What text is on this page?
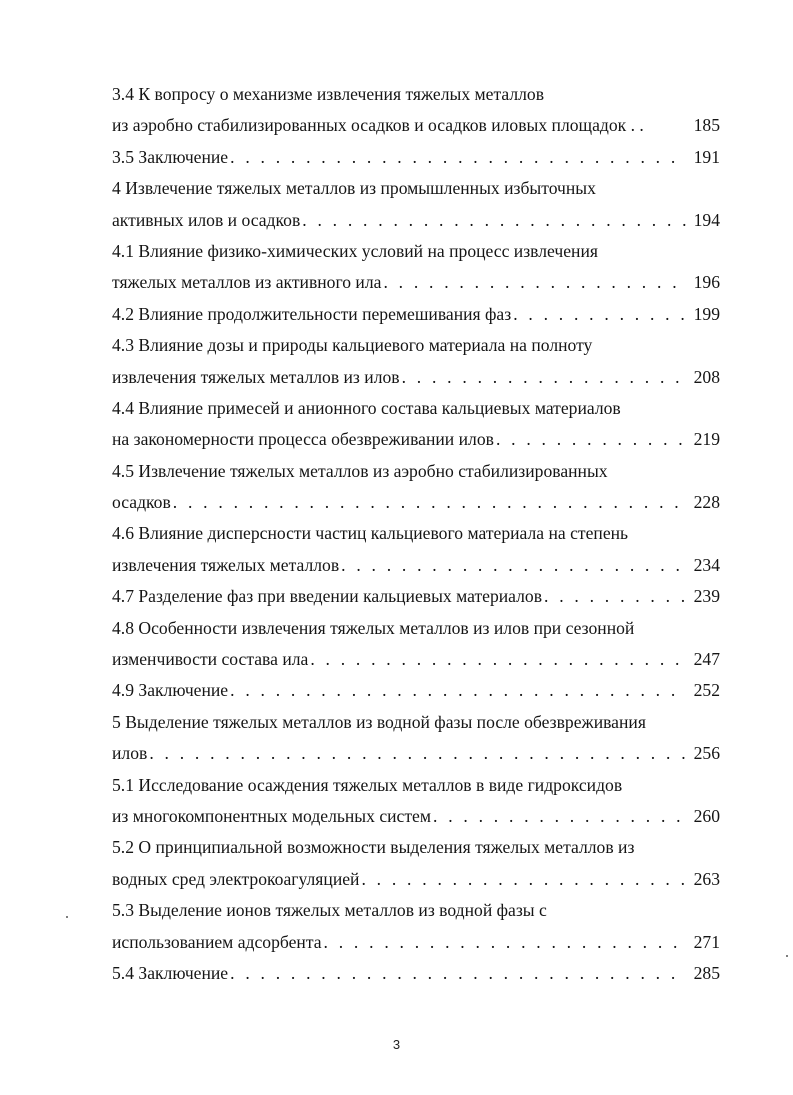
3.4 К вопросу о механизме извлечения тяжелых металлов
из аэробно стабилизированных осадков и осадков иловых площадок . .	185
3.5 Заключение . . .	191
4 Извлечение тяжелых металлов из промышленных избыточных
активных илов и осадков . . .	194
4.1 Влияние физико-химических условий на процесс извлечения
тяжелых металлов из активного ила . . .	196
4.2 Влияние продолжительности перемешивания фаз . . .	199
4.3 Влияние дозы и природы кальциевого материала на полноту
извлечения тяжелых металлов из илов . . .	208
4.4 Влияние примесей и анионного состава кальциевых материалов
на закономерности процесса обезвреживании илов . . .	219
4.5 Извлечение тяжелых металлов из аэробно стабилизированных
осадков . . .	228
4.6 Влияние дисперсности частиц кальциевого материала на степень
извлечения тяжелых металлов . . .	234
4.7 Разделение фаз при введении кальциевых материалов . . .	239
4.8 Особенности извлечения тяжелых металлов из илов при сезонной
изменчивости состава ила . . .	247
4.9 Заключение . . .	252
5 Выделение тяжелых металлов из водной фазы после обезвреживания
илов . . .	256
5.1 Исследование осаждения тяжелых металлов в виде гидроксидов
из многокомпонентных модельных систем . . .	260
5.2 О принципиальной возможности выделения тяжелых металлов из
водных сред электрокоагуляцией . . .	263
5.3 Выделение ионов тяжелых металлов из водной фазы с
использованием адсорбента . . .	271
5.4 Заключение . . .	285
3
